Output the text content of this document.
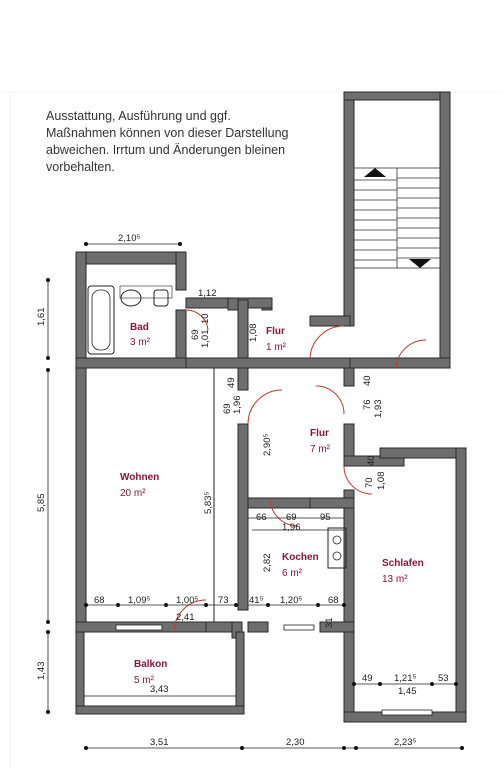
Ausstattung, Ausführung und ggf.
Maßnahmen können von dieser Darstellung
abweichen. Irrtum und Änderungen bleinen
vorbehalten.
Bad
3 m²
Flur
1 m²
Flur
7 m²
Wohnen
20 m²
Kochen
6 m²
Schlafen
13 m²
Balkon
5 m²
2,10⁵
1,12
1,61
69 1,01
10
1,08
49
69 1,96
2,90⁵
5,83⁵
5,85
40
76 1,93
40
70 1,08
66 69 95
1,96
2,82
68 1,09⁵	1,00⁵ 73 41⁵ 1,20⁵	68
31
2,41
1,43
3,43
49 1,21⁵ 53
1,45
3,51	2,30	2,23⁵
